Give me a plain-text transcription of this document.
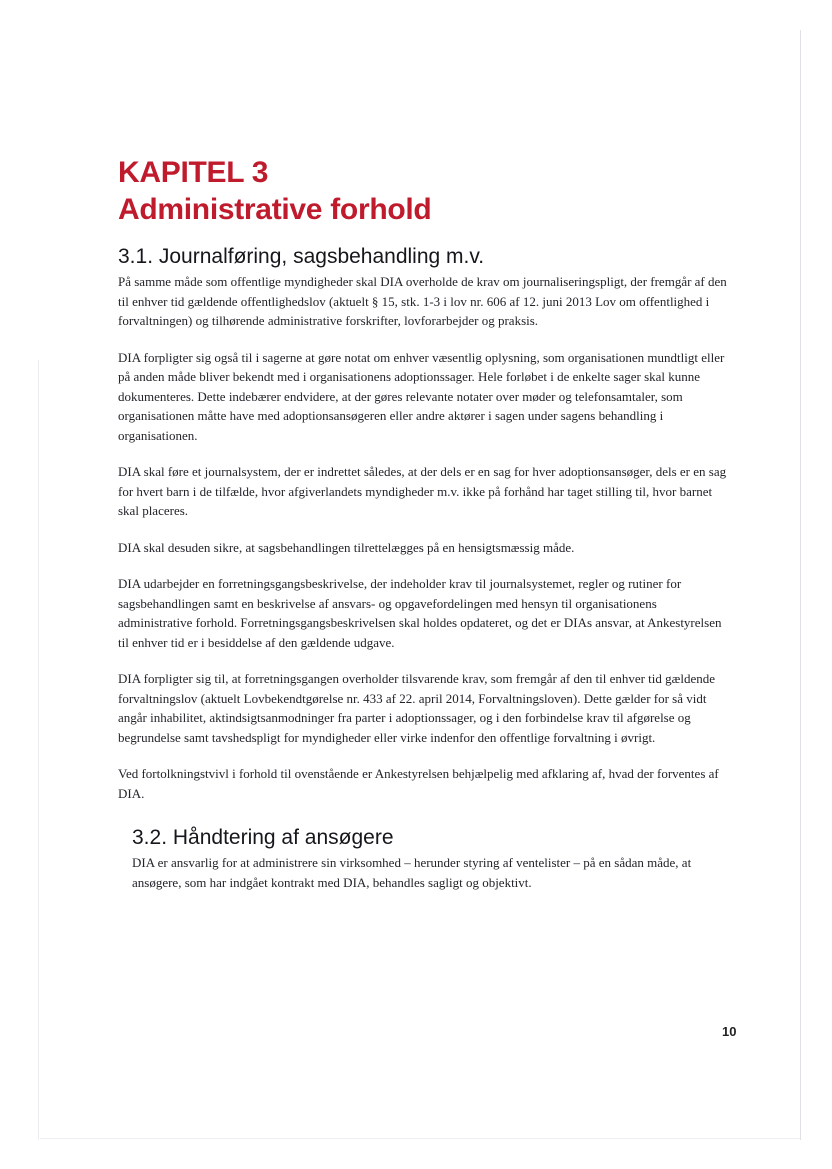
KAPITEL 3
Administrative forhold
3.1. Journalføring, sagsbehandling m.v.

På samme måde som offentlige myndigheder skal DIA overholde de krav om journaliseringspligt, der fremgår af den til enhver tid gældende offentlighedslov (aktuelt § 15, stk. 1-3 i lov nr. 606 af 12. juni 2013 Lov om offentlighed i forvaltningen) og tilhørende administrative forskrifter, lovforarbejder og praksis.

DIA forpligter sig også til i sagerne at gøre notat om enhver væsentlig oplysning, som organisationen mundtligt eller på anden måde bliver bekendt med i organisationens adoptionssager. Hele forløbet i de enkelte sager skal kunne dokumenteres. Dette indebærer endvidere, at der gøres relevante notater over møder og telefonsamtaler, som organisationen måtte have med adoptionsansøgeren eller andre aktører i sagen under sagens behandling i organisationen.

DIA skal føre et journalsystem, der er indrettet således, at der dels er en sag for hver adoptionsansøger, dels er en sag for hvert barn i de tilfælde, hvor afgiverlandets myndigheder m.v. ikke på forhånd har taget stilling til, hvor barnet skal placeres.

DIA skal desuden sikre, at sagsbehandlingen tilrettelægges på en hensigtsmæssig måde.

DIA udarbejder en forretningsgangsbeskrivelse, der indeholder krav til journalsystemet, regler og rutiner for sagsbehandlingen samt en beskrivelse af ansvars- og opgavefordelingen med hensyn til organisationens administrative forhold. Forretningsgangsbeskrivelsen skal holdes opdateret, og det er DIAs ansvar, at Ankestyrelsen til enhver tid er i besiddelse af den gældende udgave.

DIA forpligter sig til, at forretningsgangen overholder tilsvarende krav, som fremgår af den til enhver tid gældende forvaltningslov (aktuelt Lovbekendtgørelse nr. 433 af 22. april 2014, Forvaltningsloven). Dette gælder for så vidt angår inhabilitet, aktindsigtsanmodninger fra parter i adoptionssager, og i den forbindelse krav til afgørelse og begrundelse samt tavshedspligt for myndigheder eller virke indenfor den offentlige forvaltning i øvrigt.

Ved fortolkningstvivl i forhold til ovenstående er Ankestyrelsen behjælpelig med afklaring af, hvad der forventes af DIA.

3.2. Håndtering af ansøgere

DIA er ansvarlig for at administrere sin virksomhed – herunder styring af ventelister – på en sådan måde, at ansøgere, som har indgået kontrakt med DIA, behandles sagligt og objektivt.

10
